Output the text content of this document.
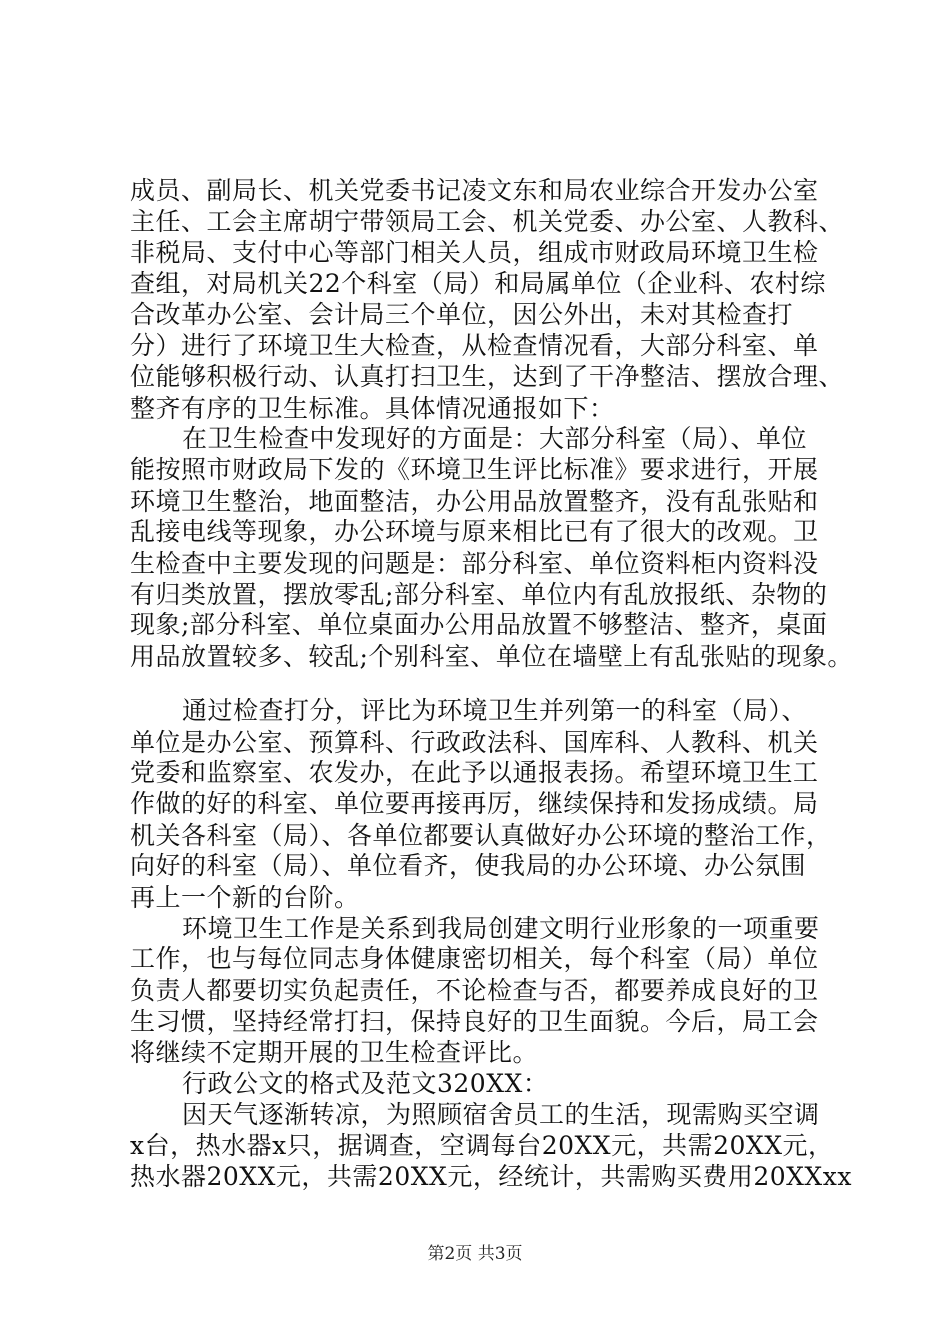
成员、副局长、机关党委书记凌文东和局农业综合开发办公室
主任、工会主席胡宁带领局工会、机关党委、办公室、人教科、
非税局、支付中心等部门相关人员，组成市财政局环境卫生检
查组，对局机关22个科室（局）和局属单位（企业科、农村综
合改革办公室、会计局三个单位，因公外出，未对其检查打
分）进行了环境卫生大检查，从检查情况看，大部分科室、单
位能够积极行动、认真打扫卫生，达到了干净整洁、摆放合理、
整齐有序的卫生标准。具体情况通报如下：
在卫生检查中发现好的方面是：大部分科室（局）、单位
能按照市财政局下发的《环境卫生评比标准》要求进行，开展
环境卫生整治，地面整洁，办公用品放置整齐，没有乱张贴和
乱接电线等现象，办公环境与原来相比已有了很大的改观。卫
生检查中主要发现的问题是：部分科室、单位资料柜内资料没
有归类放置，摆放零乱;部分科室、单位内有乱放报纸、杂物的
现象;部分科室、单位桌面办公用品放置不够整洁、整齐，桌面
用品放置较多、较乱;个别科室、单位在墙壁上有乱张贴的现象。
通过检查打分，评比为环境卫生并列第一的科室（局）、
单位是办公室、预算科、行政政法科、国库科、人教科、机关
党委和监察室、农发办，在此予以通报表扬。希望环境卫生工
作做的好的科室、单位要再接再厉，继续保持和发扬成绩。局
机关各科室（局）、各单位都要认真做好办公环境的整治工作，
向好的科室（局）、单位看齐，使我局的办公环境、办公氛围
再上一个新的台阶。
环境卫生工作是关系到我局创建文明行业形象的一项重要
工作，也与每位同志身体健康密切相关，每个科室（局）单位
负责人都要切实负起责任，不论检查与否，都要养成良好的卫
生习惯，坚持经常打扫，保持良好的卫生面貌。今后，局工会
将继续不定期开展的卫生检查评比。
行政公文的格式及范文320XX：
因天气逐渐转凉，为照顾宿舍员工的生活，现需购买空调
x台，热水器x只，据调查，空调每台20XX元，共需20XX元，
热水器20XX元，共需20XX元，经统计，共需购买费用20XXxx
第2页 共3页
